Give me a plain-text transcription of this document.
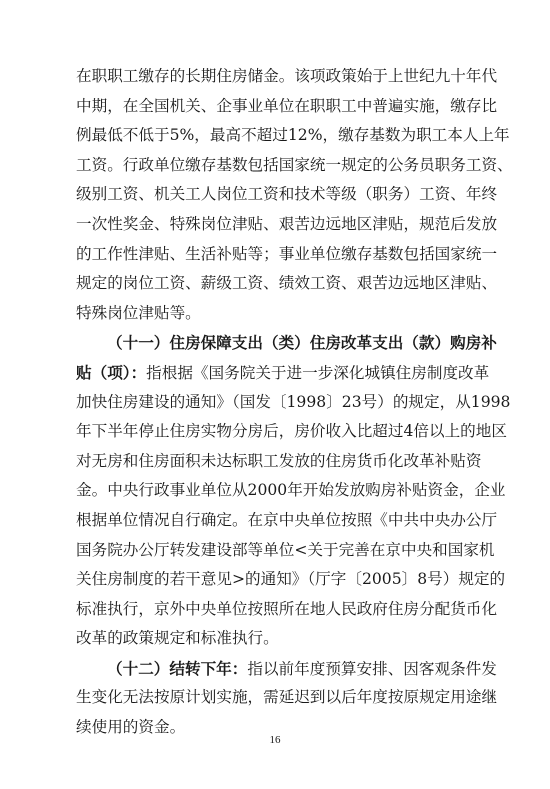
在职职工缴存的长期住房储金。该项政策始于上世纪九十年代
中期，在全国机关、企事业单位在职职工中普遍实施，缴存比
例最低不低于5%，最高不超过12%，缴存基数为职工本人上年
工资。行政单位缴存基数包括国家统一规定的公务员职务工资、
级别工资、机关工人岗位工资和技术等级（职务）工资、年终
一次性奖金、特殊岗位津贴、艰苦边远地区津贴，规范后发放
的工作性津贴、生活补贴等；事业单位缴存基数包括国家统一
规定的岗位工资、薪级工资、绩效工资、艰苦边远地区津贴、
特殊岗位津贴等。
（十一）住房保障支出（类）住房改革支出（款）购房补
贴（项）：指根据《国务院关于进一步深化城镇住房制度改革
加快住房建设的通知》（国发〔1998〕23号）的规定，从1998
年下半年停止住房实物分房后，房价收入比超过4倍以上的地区
对无房和住房面积未达标职工发放的住房货币化改革补贴资
金。中央行政事业单位从2000年开始发放购房补贴资金，企业
根据单位情况自行确定。在京中央单位按照《中共中央办公厅
国务院办公厅转发建设部等单位<关于完善在京中央和国家机
关住房制度的若干意见>的通知》（厅字〔2005〕8号）规定的
标准执行，京外中央单位按照所在地人民政府住房分配货币化
改革的政策规定和标准执行。
（十二）结转下年：指以前年度预算安排、因客观条件发
生变化无法按原计划实施，需延迟到以后年度按原规定用途继
续使用的资金。
16
